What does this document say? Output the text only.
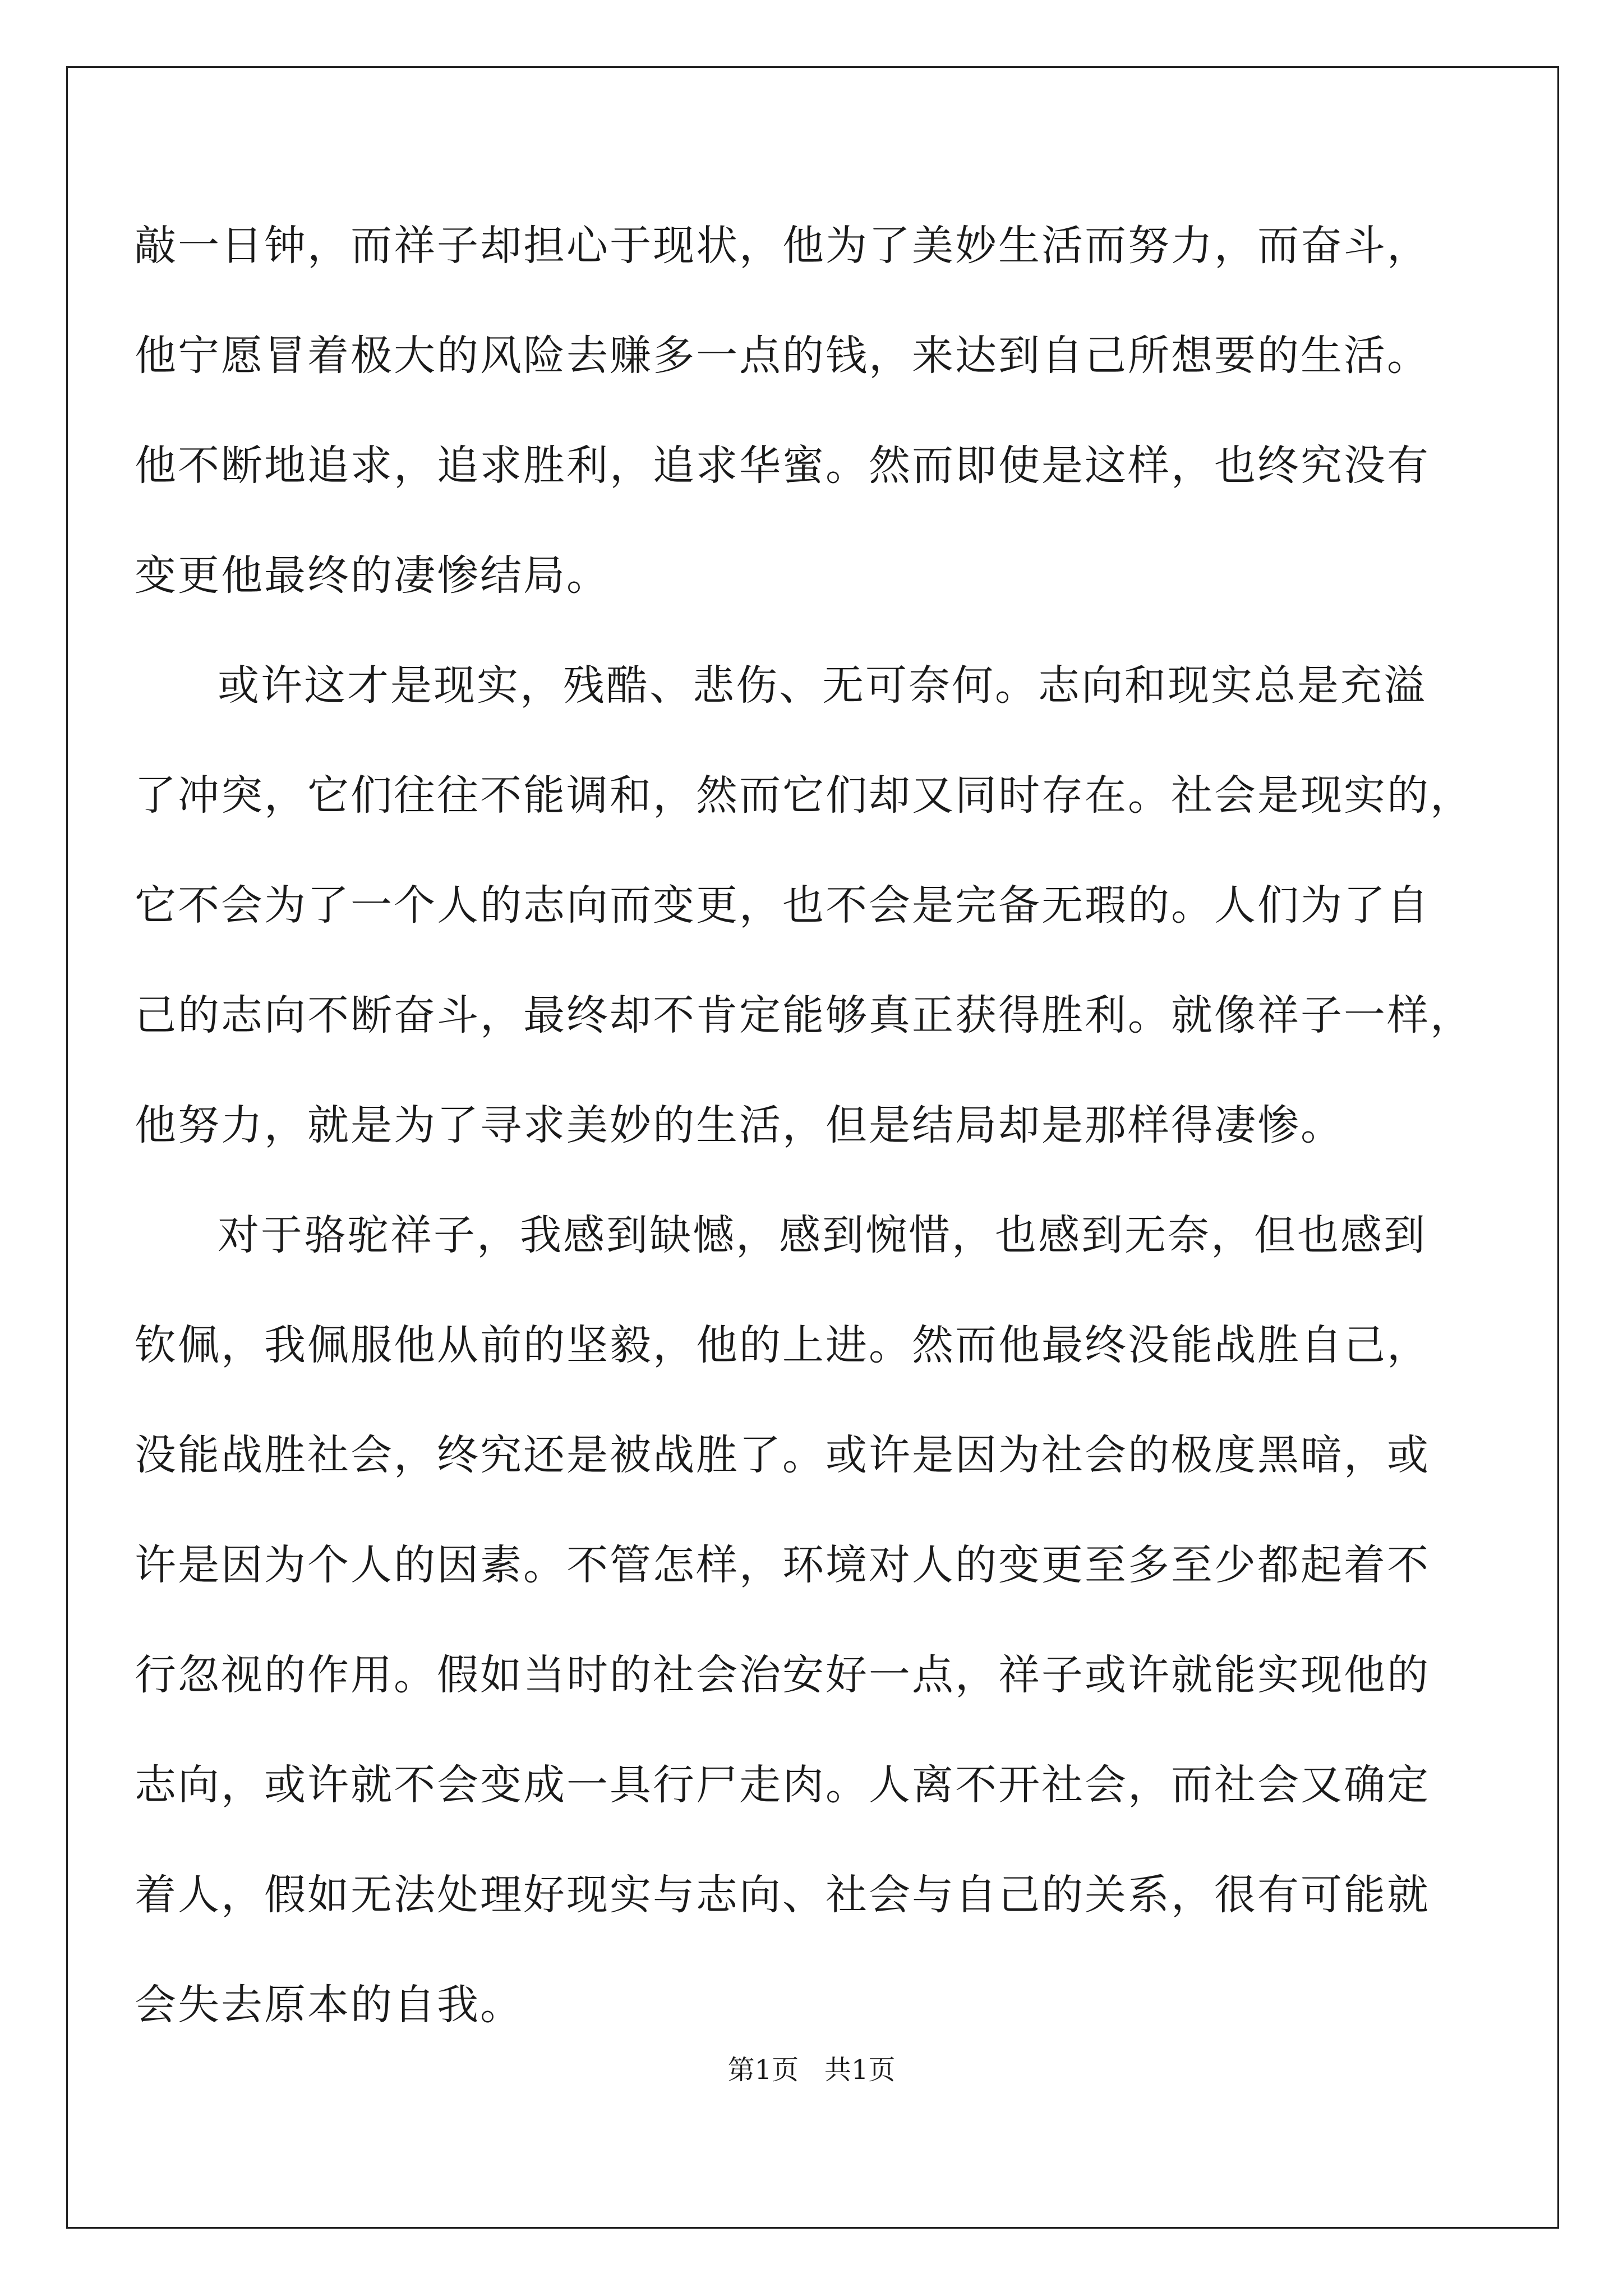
敲一日钟，而祥子却担心于现状，他为了美妙生活而努力，而奋斗，
他宁愿冒着极大的风险去赚多一点的钱，来达到自己所想要的生活。
他不断地追求，追求胜利，追求华蜜。然而即使是这样，也终究没有
变更他最终的凄惨结局。
或许这才是现实，残酷、悲伤、无可奈何。志向和现实总是充溢
了冲突，它们往往不能调和，然而它们却又同时存在。社会是现实的，
它不会为了一个人的志向而变更，也不会是完备无瑕的。人们为了自
己的志向不断奋斗，最终却不肯定能够真正获得胜利。就像祥子一样，
他努力，就是为了寻求美妙的生活，但是结局却是那样得凄惨。
对于骆驼祥子，我感到缺憾，感到惋惜，也感到无奈，但也感到
钦佩，我佩服他从前的坚毅，他的上进。然而他最终没能战胜自己，
没能战胜社会，终究还是被战胜了。或许是因为社会的极度黑暗，或
许是因为个人的因素。不管怎样，环境对人的变更至多至少都起着不
行忽视的作用。假如当时的社会治安好一点，祥子或许就能实现他的
志向，或许就不会变成一具行尸走肉。人离不开社会，而社会又确定
着人，假如无法处理好现实与志向、社会与自己的关系，很有可能就
会失去原本的自我。
第1页   共1页
